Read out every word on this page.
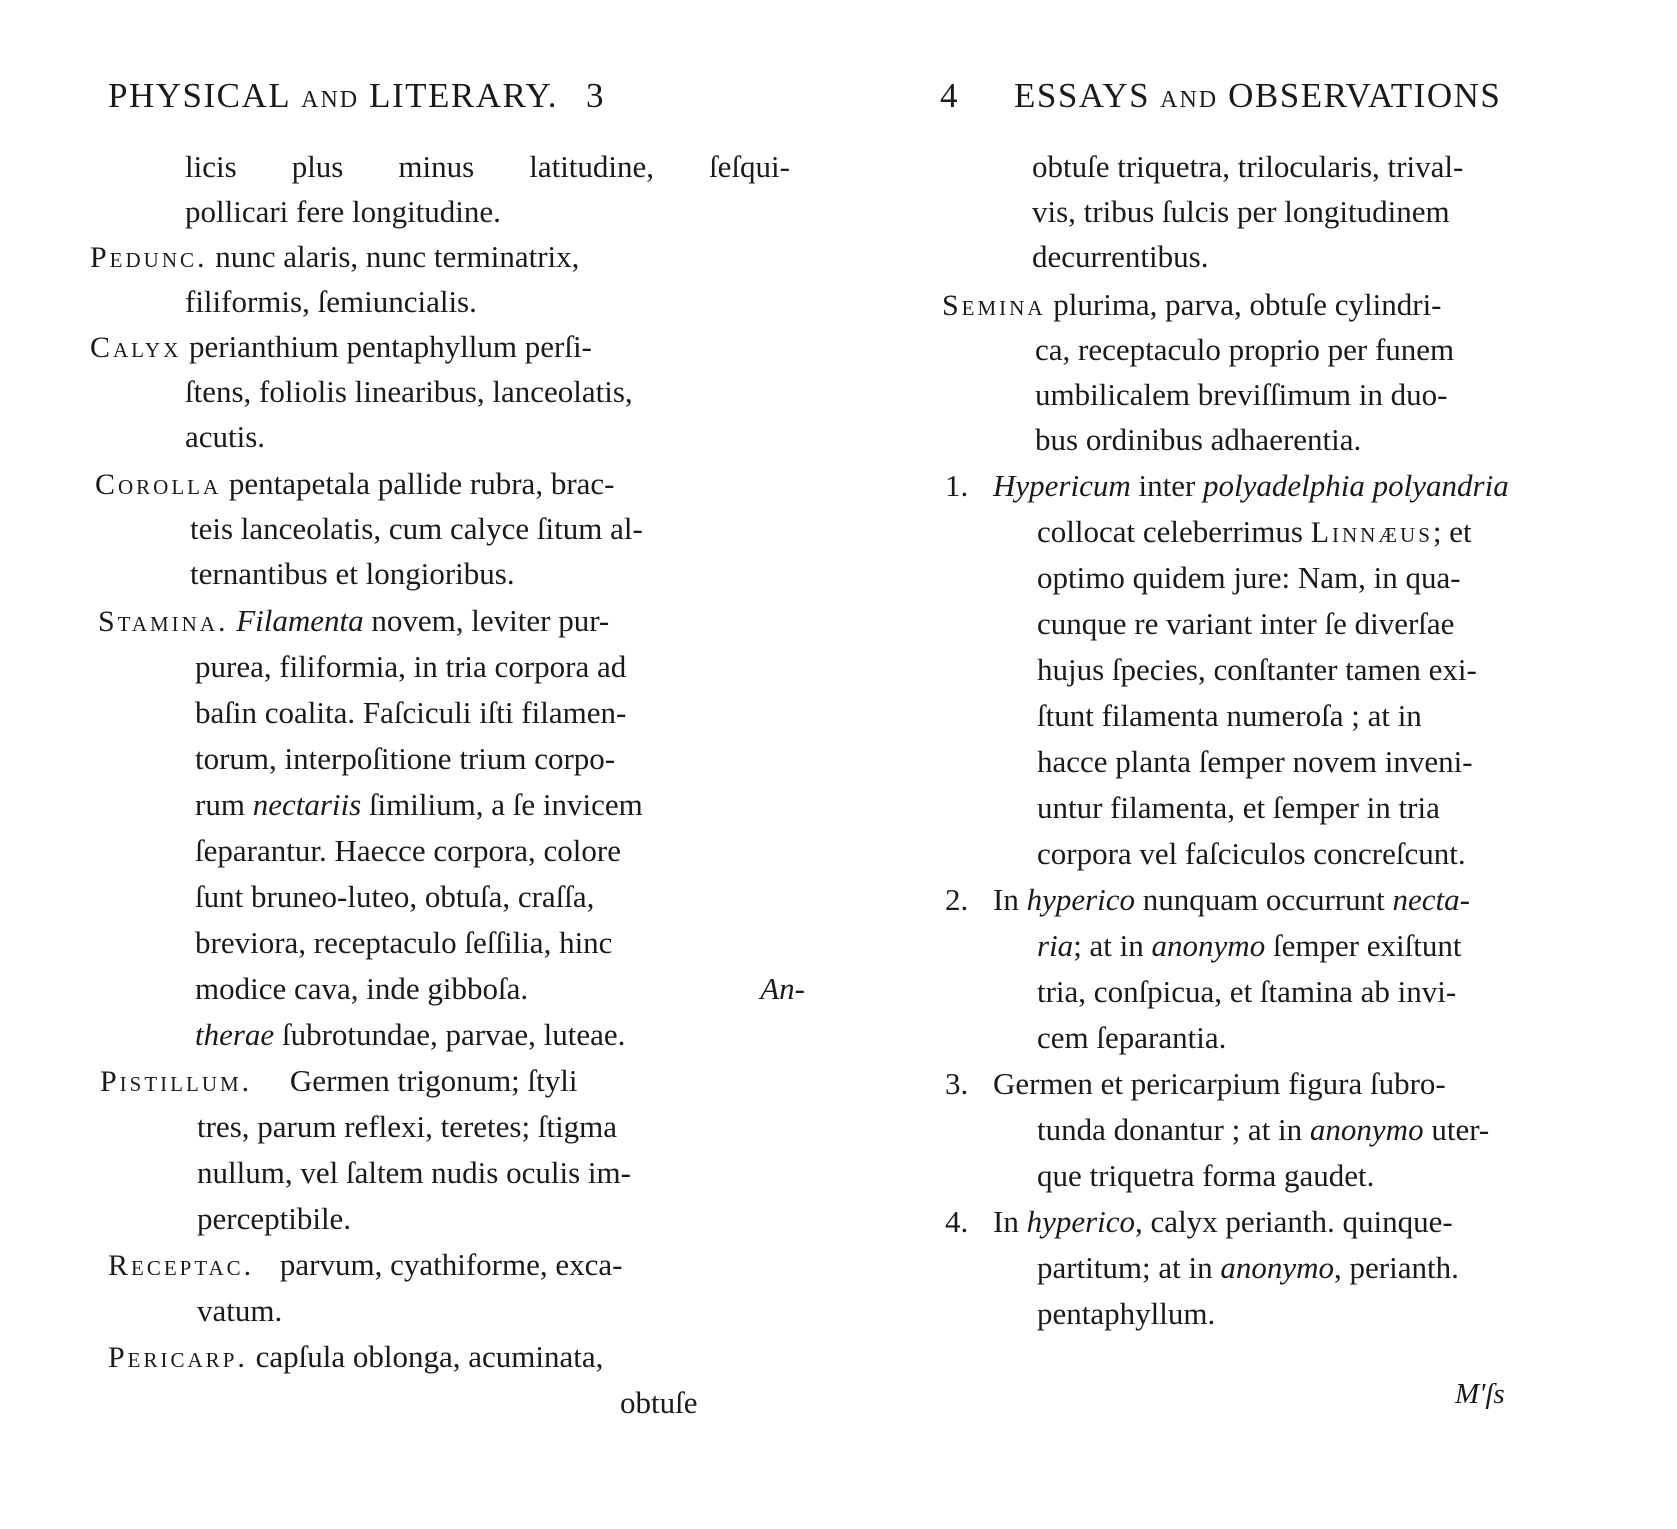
PHYSICAL AND LITERARY. 3
licis plus minus latitudine, ſeſqui-
pollicari fere longitudine.
Pedunc. nunc alaris, nunc terminatrix,
filiformis, ſemiuncialis.
Calyx perianthium pentaphyllum perſi-
ſtens, foliolis linearibus, lanceolatis,
acutis.
Corolla pentapetala pallide rubra, brac-
teis lanceolatis, cum calyce ſitum al-
ternantibus et longioribus.
Stamina. Filamenta novem, leviter pur-
purea, filiformia, in tria corpora ad
baſin coalita. Faſciculi iſti filamen-
torum, interpoſitione trium corpo-
rum nectariis ſimilium, a ſe invicem
ſeparantur. Haecce corpora, colore
ſunt bruneo-luteo, obtuſa, craſſa,
breviora, receptaculo ſeſſilia, hinc
modice cava, inde gibboſa.	An-
therae ſubrotundae, parvae, luteae.
Pistillum. Germen trigonum; ſtyli
tres, parum reflexi, teretes; ſtigma
nullum, vel ſaltem nudis oculis im-
perceptibile.
Receptac. parvum, cyathiforme, exca-
vatum.
Pericarp. capſula oblonga, acuminata,
obtuſe
4 ESSAYS AND OBSERVATIONS
obtuſe triquetra, trilocularis, trival-
vis, tribus ſulcis per longitudinem
decurrentibus.
Semina plurima, parva, obtuſe cylindri-
ca, receptaculo proprio per funem
umbilicalem breviſſimum in duo-
bus ordinibus adhaerentia.
1. Hypericum inter polyadelphia polyandria
collocat celeberrimus Linnæus; et
optimo quidem jure: Nam, in qua-
cunque re variant inter ſe diverſae
hujus ſpecies, conſtanter tamen exi-
ſtunt filamenta numeroſa ; at in
hacce planta ſemper novem inveni-
untur filamenta, et ſemper in tria
corpora vel faſciculos concreſcunt.
2. In hyperico nunquam occurrunt necta-
ria; at in anonymo ſemper exiſtunt
tria, conſpicua, et ſtamina ab invi-
cem ſeparantia.
3. Germen et pericarpium figura ſubro-
tunda donantur ; at in anonymo uter-
que triquetra forma gaudet.
4. In hyperico, calyx perianth. quinque-
partitum; at in anonymo, perianth.
pentaphyllum.
M'ſs
